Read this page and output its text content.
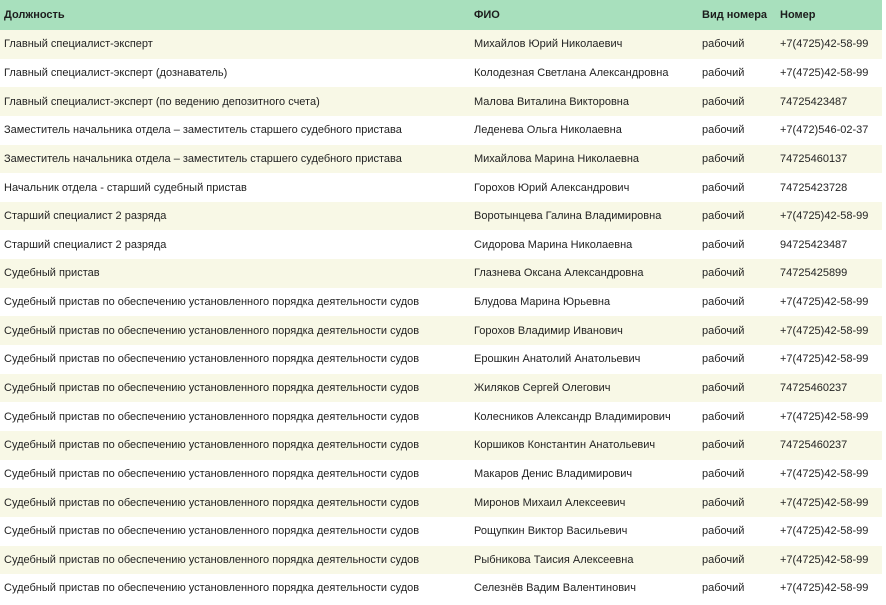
Должность	ФИО	Вид номера	Номер
Главный специалист-эксперт	Михайлов Юрий Николаевич	рабочий	+7(4725)42-58-99
Главный специалист-эксперт (дознаватель)	Колодезная Светлана Александровна	рабочий	+7(4725)42-58-99
Главный специалист-эксперт (по ведению депозитного счета)	Малова Виталина Викторовна	рабочий	74725423487
Заместитель начальника отдела – заместитель старшего судебного пристава	Леденева Ольга Николаевна	рабочий	+7(472)546-02-37
Заместитель начальника отдела – заместитель старшего судебного пристава	Михайлова Марина Николаевна	рабочий	74725460137
Начальник отдела - старший судебный пристав	Горохов Юрий Александрович	рабочий	74725423728
Старший специалист 2 разряда	Воротынцева Галина Владимировна	рабочий	+7(4725)42-58-99
Старший специалист 2 разряда	Сидорова Марина Николаевна	рабочий	94725423487
Судебный пристав	Глазнева Оксана Александровна	рабочий	74725425899
Судебный пристав по обеспечению установленного порядка деятельности судов	Блудова Марина Юрьевна	рабочий	+7(4725)42-58-99
Судебный пристав по обеспечению установленного порядка деятельности судов	Горохов Владимир Иванович	рабочий	+7(4725)42-58-99
Судебный пристав по обеспечению установленного порядка деятельности судов	Ерошкин Анатолий Анатольевич	рабочий	+7(4725)42-58-99
Судебный пристав по обеспечению установленного порядка деятельности судов	Жиляков Сергей Олегович	рабочий	74725460237
Судебный пристав по обеспечению установленного порядка деятельности судов	Колесников Александр Владимирович	рабочий	+7(4725)42-58-99
Судебный пристав по обеспечению установленного порядка деятельности судов	Коршиков Константин Анатольевич	рабочий	74725460237
Судебный пристав по обеспечению установленного порядка деятельности судов	Макаров Денис Владимирович	рабочий	+7(4725)42-58-99
Судебный пристав по обеспечению установленного порядка деятельности судов	Миронов Михаил Алексеевич	рабочий	+7(4725)42-58-99
Судебный пристав по обеспечению установленного порядка деятельности судов	Рощупкин Виктор Васильевич	рабочий	+7(4725)42-58-99
Судебный пристав по обеспечению установленного порядка деятельности судов	Рыбникова Таисия Алексеевна	рабочий	+7(4725)42-58-99
Судебный пристав по обеспечению установленного порядка деятельности судов	Селезнёв Вадим Валентинович	рабочий	+7(4725)42-58-99
